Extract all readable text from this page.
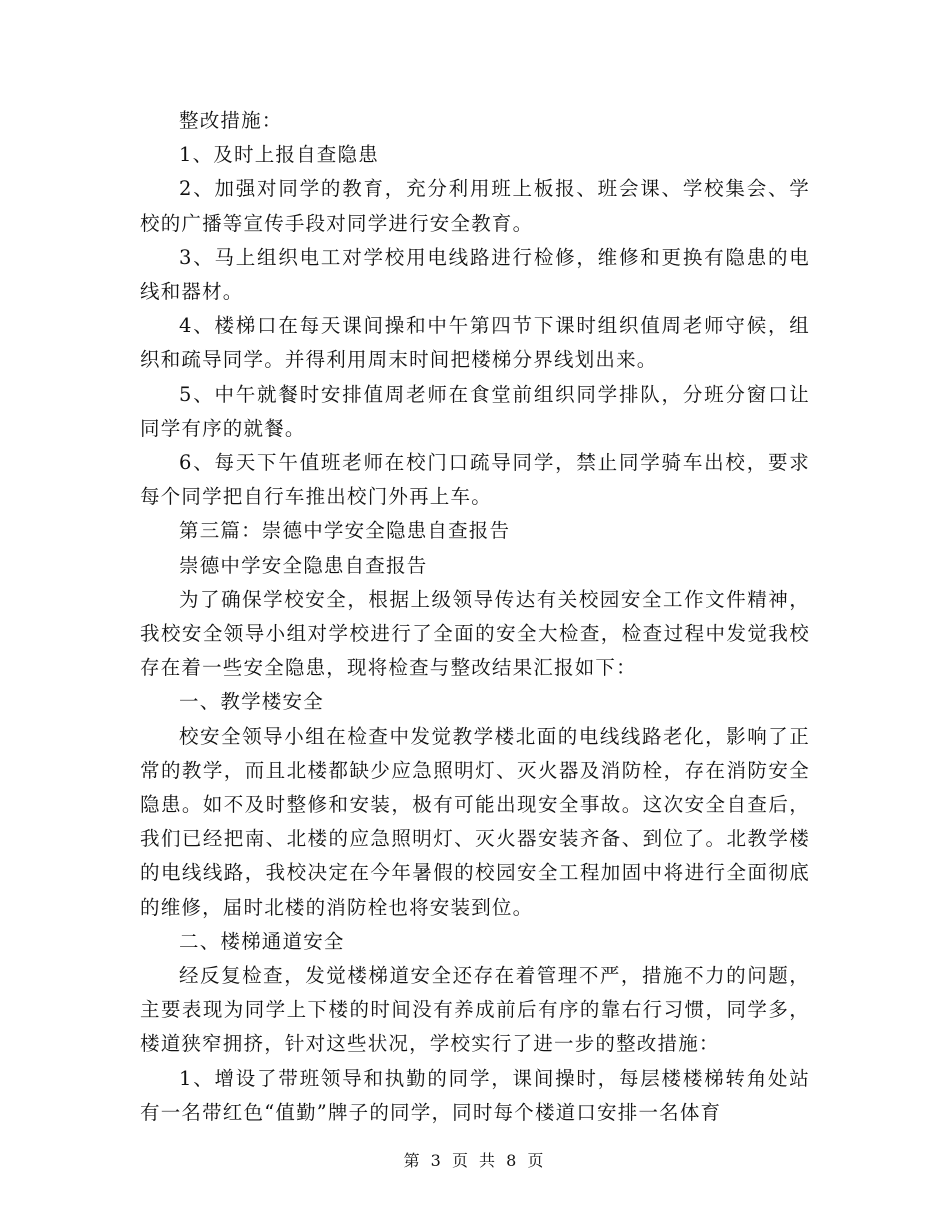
整改措施：

1、及时上报自查隐患

2、加强对同学的教育，充分利用班上板报、班会课、学校集会、学校的广播等宣传手段对同学进行安全教育。

3、马上组织电工对学校用电线路进行检修，维修和更换有隐患的电线和器材。

4、楼梯口在每天课间操和中午第四节下课时组织值周老师守候，组织和疏导同学。并得利用周末时间把楼梯分界线划出来。

5、中午就餐时安排值周老师在食堂前组织同学排队，分班分窗口让同学有序的就餐。

6、每天下午值班老师在校门口疏导同学，禁止同学骑车出校，要求每个同学把自行车推出校门外再上车。

第三篇：崇德中学安全隐患自查报告

崇德中学安全隐患自查报告

为了确保学校安全，根据上级领导传达有关校园安全工作文件精神，我校安全领导小组对学校进行了全面的安全大检查，检查过程中发觉我校存在着一些安全隐患，现将检查与整改结果汇报如下：

一、教学楼安全

校安全领导小组在检查中发觉教学楼北面的电线线路老化，影响了正常的教学，而且北楼都缺少应急照明灯、灭火器及消防栓，存在消防安全隐患。如不及时整修和安装，极有可能出现安全事故。这次安全自查后，我们已经把南、北楼的应急照明灯、灭火器安装齐备、到位了。北教学楼的电线线路，我校决定在今年暑假的校园安全工程加固中将进行全面彻底的维修，届时北楼的消防栓也将安装到位。

二、楼梯通道安全

经反复检查，发觉楼梯道安全还存在着管理不严，措施不力的问题，主要表现为同学上下楼的时间没有养成前后有序的靠右行习惯，同学多，楼道狭窄拥挤，针对这些状况，学校实行了进一步的整改措施：

1、增设了带班领导和执勤的同学，课间操时，每层楼楼梯转角处站有一名带红色“值勤”牌子的同学，同时每个楼道口安排一名体育

第 3 页 共 8 页
